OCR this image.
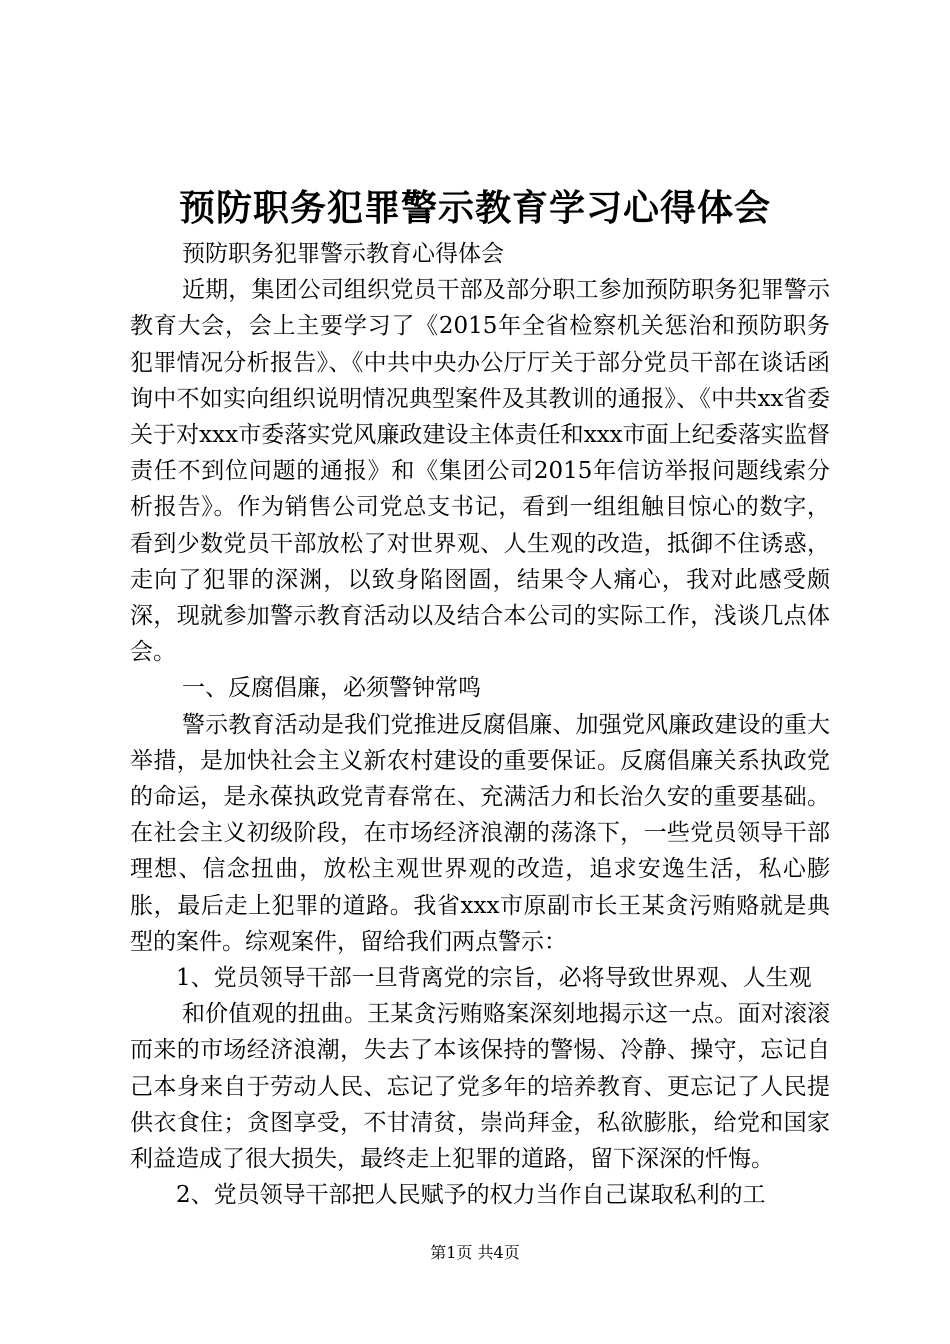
预防职务犯罪警示教育学习心得体会

预防职务犯罪警示教育心得体会

近期，集团公司组织党员干部及部分职工参加预防职务犯罪警示教育大会，会上主要学习了《2015年全省检察机关惩治和预防职务犯罪情况分析报告》、《中共中央办公厅厅关于部分党员干部在谈话函询中不如实向组织说明情况典型案件及其教训的通报》、《中共xx省委关于对xxx市委落实党风廉政建设主体责任和xxx市面上纪委落实监督责任不到位问题的通报》和《集团公司2015年信访举报问题线索分析报告》。作为销售公司党总支书记，看到一组组触目惊心的数字，看到少数党员干部放松了对世界观、人生观的改造，抵御不住诱惑，走向了犯罪的深渊，以致身陷囹圄，结果令人痛心，我对此感受颇深，现就参加警示教育活动以及结合本公司的实际工作，浅谈几点体会。

一、反腐倡廉，必须警钟常鸣

警示教育活动是我们党推进反腐倡廉、加强党风廉政建设的重大举措，是加快社会主义新农村建设的重要保证。反腐倡廉关系执政党的命运，是永葆执政党青春常在、充满活力和长治久安的重要基础。在社会主义初级阶段，在市场经济浪潮的荡涤下，一些党员领导干部理想、信念扭曲，放松主观世界观的改造，追求安逸生活，私心膨胀，最后走上犯罪的道路。我省xxx市原副市长王某贪污贿赂就是典型的案件。综观案件，留给我们两点警示：

1、党员领导干部一旦背离党的宗旨，必将导致世界观、人生观

和价值观的扭曲。王某贪污贿赂案深刻地揭示这一点。面对滚滚而来的市场经济浪潮，失去了本该保持的警惕、冷静、操守，忘记自己本身来自于劳动人民、忘记了党多年的培养教育、更忘记了人民提供衣食住；贪图享受，不甘清贫，崇尚拜金，私欲膨胀，给党和国家利益造成了很大损失，最终走上犯罪的道路，留下深深的忏悔。

2、党员领导干部把人民赋予的权力当作自己谋取私利的工

第1页 共4页
